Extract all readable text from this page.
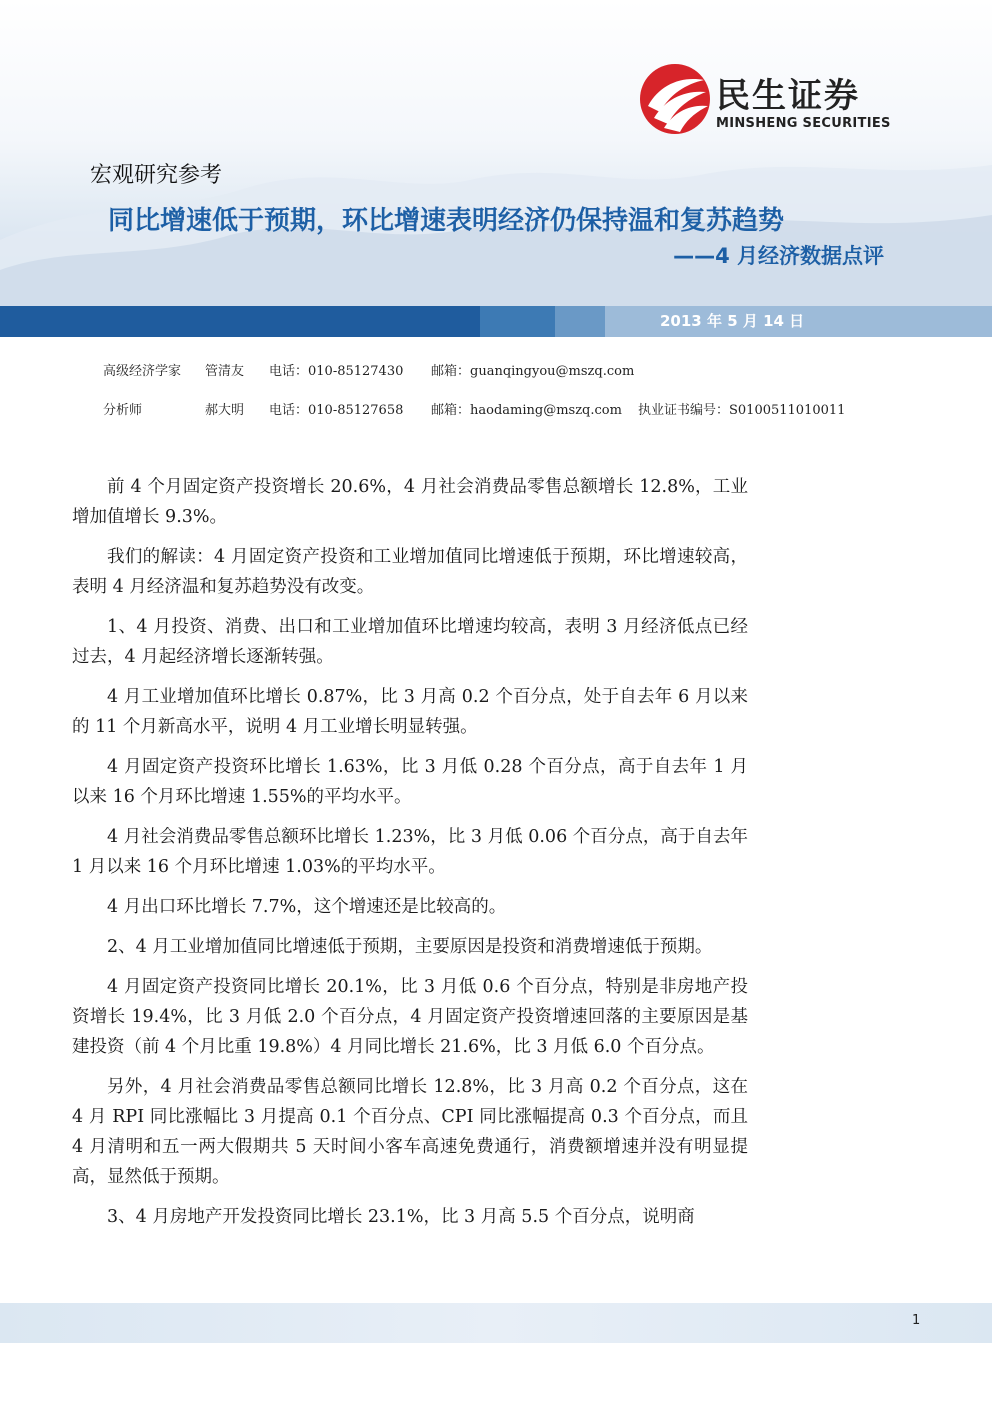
民生证券
MINSHENG SECURITIES
宏观研究参考
同比增速低于预期，环比增速表明经济仍保持温和复苏趋势
——4 月经济数据点评
2013 年 5 月 14 日
高级经济学家 管清友 电话：010-85127430 邮箱：guanqingyou@mszq.com
分析师	郝大明 电话：010-85127658 邮箱：haodaming@mszq.com 执业证书编号：S0100511010011

前 4 个月固定资产投资增长 20.6%，4 月社会消费品零售总额增长 12.8%，工业增加值增长 9.3%。

我们的解读：4 月固定资产投资和工业增加值同比增速低于预期，环比增速较高，表明 4 月经济温和复苏趋势没有改变。

1、4 月投资、消费、出口和工业增加值环比增速均较高，表明 3 月经济低点已经过去，4 月起经济增长逐渐转强。

4 月工业增加值环比增长 0.87%，比 3 月高 0.2 个百分点，处于自去年 6 月以来的 11 个月新高水平，说明 4 月工业增长明显转强。

4 月固定资产投资环比增长 1.63%，比 3 月低 0.28 个百分点，高于自去年 1 月以来 16 个月环比增速 1.55%的平均水平。

4 月社会消费品零售总额环比增长 1.23%，比 3 月低 0.06 个百分点，高于自去年 1 月以来 16 个月环比增速 1.03%的平均水平。

4 月出口环比增长 7.7%，这个增速还是比较高的。

2、4 月工业增加值同比增速低于预期，主要原因是投资和消费增速低于预期。

4 月固定资产投资同比增长 20.1%，比 3 月低 0.6 个百分点，特别是非房地产投资增长 19.4%，比 3 月低 2.0 个百分点，4 月固定资产投资增速回落的主要原因是基建投资（前 4 个月比重 19.8%）4 月同比增长 21.6%，比 3 月低 6.0 个百分点。

另外，4 月社会消费品零售总额同比增长 12.8%，比 3 月高 0.2 个百分点，这在 4 月 RPI 同比涨幅比 3 月提高 0.1 个百分点、CPI 同比涨幅提高 0.3 个百分点，而且 4 月清明和五一两大假期共 5 天时间小客车高速免费通行，消费额增速并没有明显提高，显然低于预期。

3、4 月房地产开发投资同比增长 23.1%，比 3 月高 5.5 个百分点，说明商

1
